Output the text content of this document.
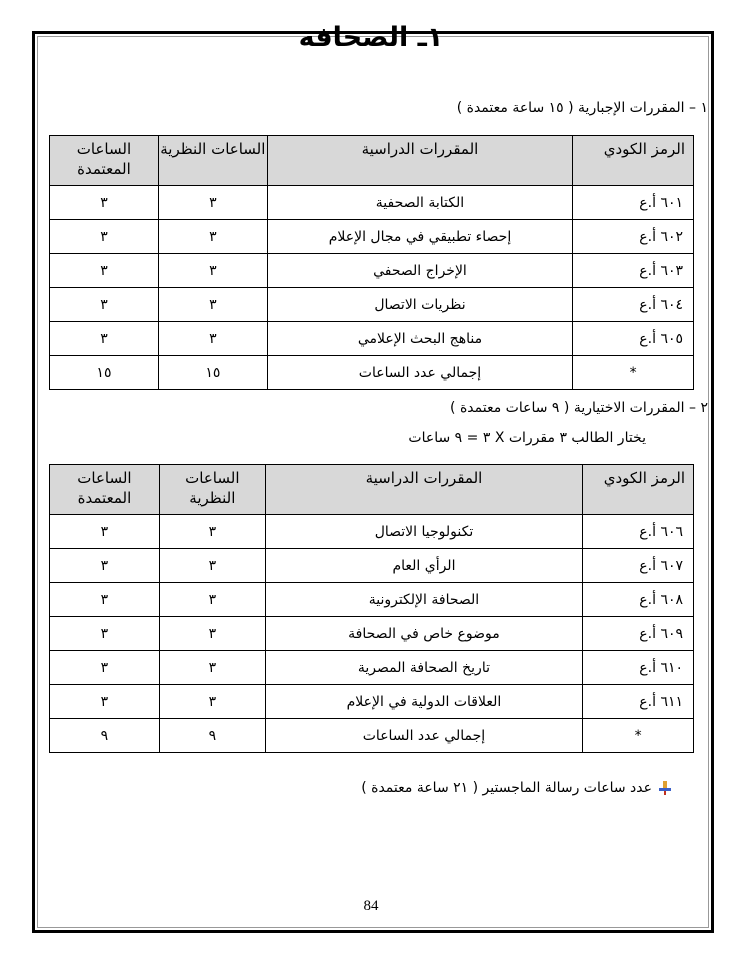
١ـ الصحافة
١ – المقررات الإجبارية ( ١٥ ساعة معتمدة )
الرمز الكودي	المقررات الدراسية	الساعات النظرية	الساعات المعتمدة
٦٠١ أ.ع	الكتابة الصحفية	٣	٣
٦٠٢ أ.ع	إحصاء تطبيقي في مجال الإعلام	٣	٣
٦٠٣ أ.ع	الإخراج الصحفي	٣	٣
٦٠٤ أ.ع	نظريات الاتصال	٣	٣
٦٠٥ أ.ع	مناهج البحث الإعلامي	٣	٣
*	إجمالي عدد الساعات	١٥	١٥
٢ – المقررات الاختيارية ( ٩ ساعات معتمدة )
يختار الطالب ٣ مقررات X ٣ = ٩ ساعات
الرمز الكودي	المقررات الدراسية	الساعات النظرية	الساعات المعتمدة
٦٠٦ أ.ع	تكنولوجيا الاتصال	٣	٣
٦٠٧ أ.ع	الرأي العام	٣	٣
٦٠٨ أ.ع	الصحافة الإلكترونية	٣	٣
٦٠٩ أ.ع	موضوع خاص في الصحافة	٣	٣
٦١٠ أ.ع	تاريخ الصحافة المصرية	٣	٣
٦١١ أ.ع	العلاقات الدولية في الإعلام	٣	٣
*	إجمالي عدد الساعات	٩	٩
عدد ساعات رسالة الماجستير ( ٢١ ساعة معتمدة )
84
